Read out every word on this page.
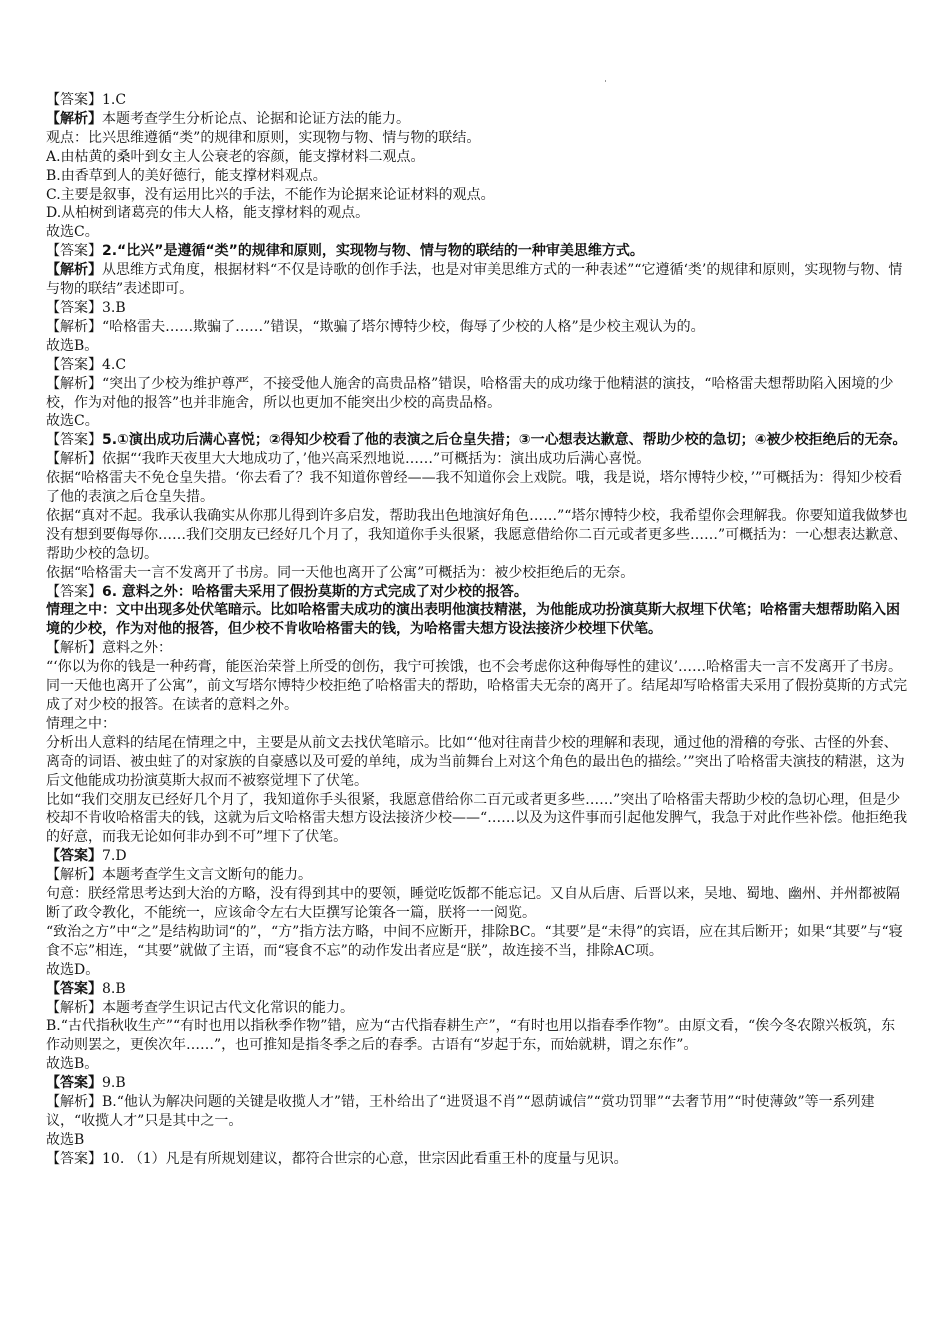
【答案】1.C
【解析】本题考查学生分析论点、论据和论证方法的能力。
观点：比兴思维遵循“类”的规律和原则，实现物与物、情与物的联结。
A.由枯黄的桑叶到女主人公衰老的容颜，能支撑材料二观点。
B.由香草到人的美好德行，能支撑材料观点。
C.主要是叙事，没有运用比兴的手法，不能作为论据来论证材料的观点。
D.从柏树到诸葛亮的伟大人格，能支撑材料的观点。
故选C。
【答案】2.“比兴”是遵循“类”的规律和原则，实现物与物、情与物的联结的一种审美思维方式。
【解析】从思维方式角度，根据材料“不仅是诗歌的创作手法，也是对审美思维方式的一种表述”“它遵循‘类’的规律和原则，实现物与物、情与物的联结”表述即可。
【答案】3.B
【解析】“哈格雷夫……欺骗了……”错误，“欺骗了塔尔博特少校，侮辱了少校的人格”是少校主观认为的。
故选B。
【答案】4.C
【解析】“突出了少校为维护尊严，不接受他人施舍的高贵品格”错误，哈格雷夫的成功缘于他精湛的演技，“哈格雷夫想帮助陷入困境的少校，作为对他的报答”也并非施舍，所以也更加不能突出少校的高贵品格。
故选C。
【答案】5.①演出成功后满心喜悦；②得知少校看了他的表演之后仓皇失措；③一心想表达歉意、帮助少校的急切；④被少校拒绝后的无奈。
【解析】依据“‘我昨天夜里大大地成功了，’他兴高采烈地说……”可概括为：演出成功后满心喜悦。
依据“哈格雷夫不免仓皇失措。‘你去看了？我不知道你曾经——我不知道你会上戏院。哦，我是说，塔尔博特少校，’”可概括为：得知少校看了他的表演之后仓皇失措。
依据“真对不起。我承认我确实从你那儿得到许多启发，帮助我出色地演好角色……”“塔尔博特少校，我希望你会理解我。你要知道我做梦也没有想到要侮辱你……我们交朋友已经好几个月了，我知道你手头很紧，我愿意借给你二百元或者更多些……”可概括为：一心想表达歉意、帮助少校的急切。
依据“哈格雷夫一言不发离开了书房。同一天他也离开了公寓”可概括为：被少校拒绝后的无奈。
【答案】6. 意料之外：哈格雷夫采用了假扮莫斯的方式完成了对少校的报答。
情理之中：文中出现多处伏笔暗示。比如哈格雷夫成功的演出表明他演技精湛，为他能成功扮演莫斯大叔埋下伏笔；哈格雷夫想帮助陷入困境的少校，作为对他的报答，但少校不肯收哈格雷夫的钱，为哈格雷夫想方设法接济少校埋下伏笔。
【解析】意料之外：
“‘你以为你的钱是一种药膏，能医治荣誉上所受的创伤，我宁可挨饿，也不会考虑你这种侮辱性的建议’……哈格雷夫一言不发离开了书房。同一天他也离开了公寓”，前文写塔尔博特少校拒绝了哈格雷夫的帮助，哈格雷夫无奈的离开了。结尾却写哈格雷夫采用了假扮莫斯的方式完成了对少校的报答。在读者的意料之外。
情理之中：
分析出人意料的结尾在情理之中，主要是从前文去找伏笔暗示。比如“‘他对往南昔少校的理解和表现，通过他的滑稽的夸张、古怪的外套、离奇的词语、被虫蛀了的对家族的自豪感以及可爱的单纯，成为当前舞台上对这个角色的最出色的描绘。’”突出了哈格雷夫演技的精湛，这为后文他能成功扮演莫斯大叔而不被察觉埋下了伏笔。
比如“我们交朋友已经好几个月了，我知道你手头很紧，我愿意借给你二百元或者更多些……”突出了哈格雷夫帮助少校的急切心理，但是少校却不肯收哈格雷夫的钱，这就为后文哈格雷夫想方设法接济少校——“……以及为这件事而引起他发脾气，我急于对此作些补偿。他拒绝我的好意，而我无论如何非办到不可”埋下了伏笔。
【答案】7.D
【解析】本题考查学生文言文断句的能力。
句意：朕经常思考达到大治的方略，没有得到其中的要领，睡觉吃饭都不能忘记。又自从后唐、后晋以来，吴地、蜀地、幽州、并州都被隔断了政令教化，不能统一，应该命令左右大臣撰写论策各一篇，朕将一一阅览。
“致治之方”中“之”是结构助词“的”，“方”指方法方略，中间不应断开，排除BC。“其要”是“未得”的宾语，应在其后断开；如果“其要”与“寝食不忘”相连，“其要”就做了主语，而“寝食不忘”的动作发出者应是“朕”，故连接不当，排除AC项。
故选D。
【答案】8.B
【解析】本题考查学生识记古代文化常识的能力。
B.“古代指秋收生产”“有时也用以指秋季作物”错，应为“古代指春耕生产”，“有时也用以指春季作物”。由原文看，“俟今冬农隙兴板筑，东作动则罢之，更俟次年……”，也可推知是指冬季之后的春季。古语有“岁起于东，而始就耕，谓之东作”。
故选B。
【答案】9.B
【解析】B.“他认为解决问题的关键是收揽人才”错，王朴给出了“进贤退不肖”“恩荫诚信”“赏功罚罪”“去奢节用”“时使薄敛”等一系列建议，“收揽人才”只是其中之一。
故选B
【答案】10. （1）凡是有所规划建议，都符合世宗的心意，世宗因此看重王朴的度量与见识。
